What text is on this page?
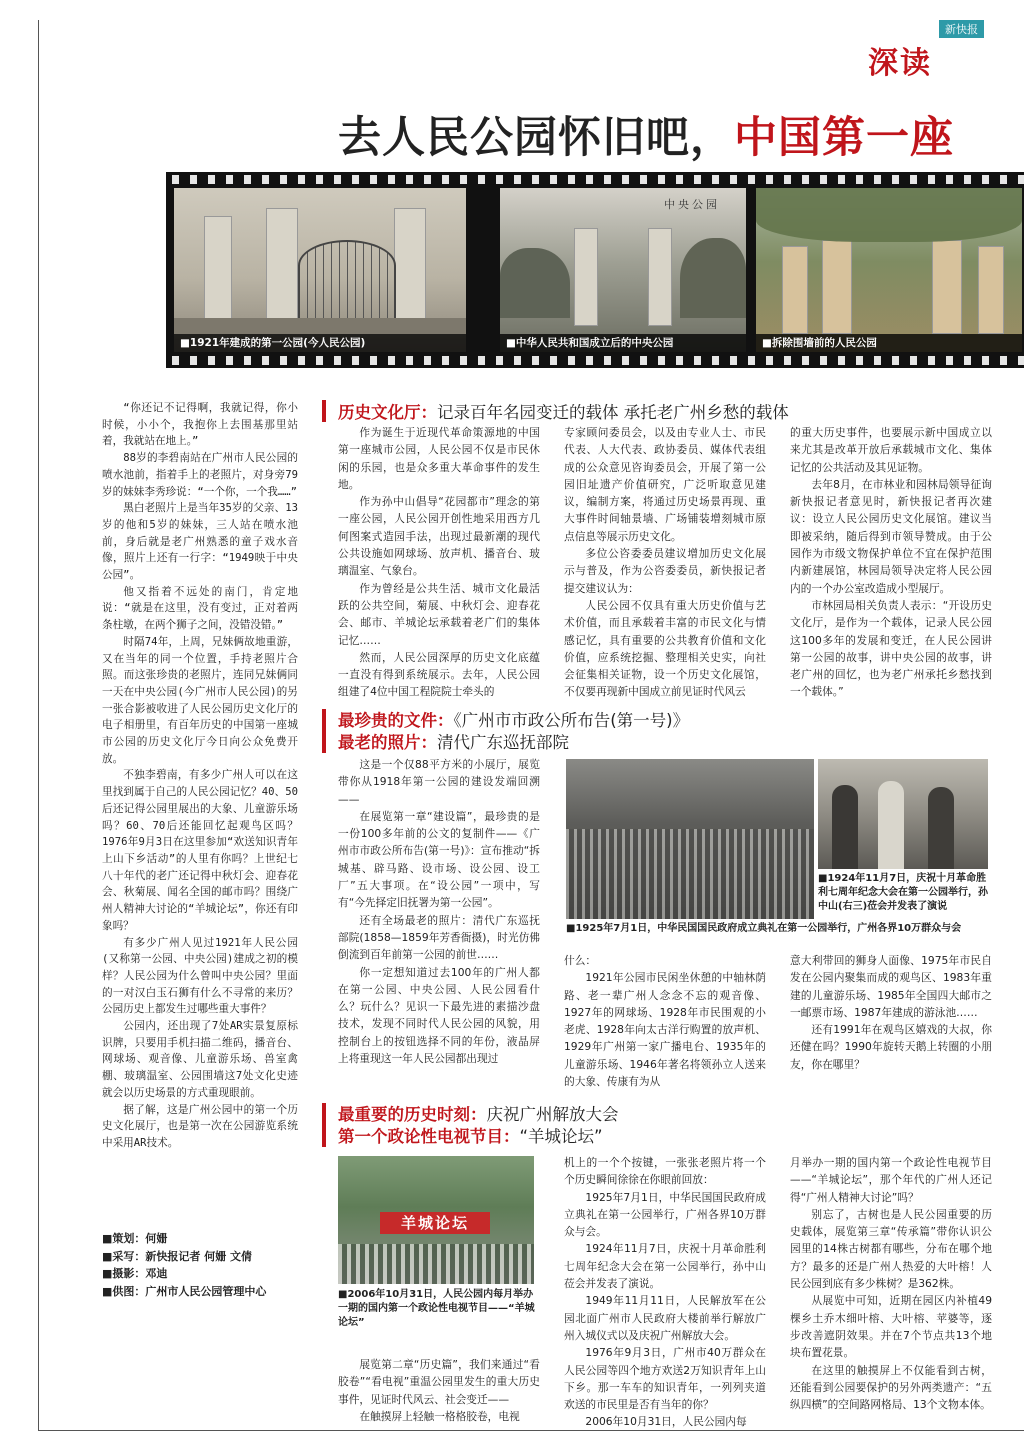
新快报
深读
去人民公园怀旧吧，中国第一座
■1921年建成的第一公园(今人民公园)
中央公园
■中华人民共和国成立后的中央公园	■拆除围墙前的人民公园

“你还记不记得啊，我就记得，你小时候，小小个，我抱你上去围基那里站着，我就站在地上。”

88岁的李碧南站在广州市人民公园的喷水池前，指着手上的老照片，对身旁79岁的妹妹李秀珍说：“一个你，一个我……”

黑白老照片上是当年35岁的父亲、13岁的他和5岁的妹妹，三人站在喷水池前，身后就是老广州熟悉的童子戏水音像，照片上还有一行字：“1949映于中央公园”。

他又指着不远处的南门，肯定地说：“就是在这里，没有变过，正对着两条柱墩，在两个狮子之间，没错没错。”

时隔74年，上周，兄妹俩故地重游，又在当年的同一个位置，手持老照片合照。而这张珍贵的老照片，连同兄妹俩同一天在中央公园(今广州市人民公园)的另一张合影被收进了人民公园历史文化厅的电子相册里，有百年历史的中国第一座城市公园的历史文化厅今日向公众免费开放。

不独李碧南，有多少广州人可以在这里找到属于自己的人民公园记忆？40、50后还记得公园里展出的大象、儿童游乐场吗？60、70后还能回忆起观鸟区吗？1976年9月3日在这里参加“欢送知识青年上山下乡活动”的人里有你吗？上世纪七八十年代的老广还记得中秋灯会、迎春花会、秋菊展、闻名全国的邮市吗？围绕广州人精神大讨论的“羊城论坛”，你还有印象吗？

有多少广州人见过1921年人民公园(又称第一公园、中央公园)建成之初的模样？人民公园为什么曾叫中央公园？里面的一对汉白玉石狮有什么不寻常的来历？公园历史上都发生过哪些重大事件？

公园内，还出现了7处AR实景复原标识牌，只要用手机扫描二维码，播音台、网球场、观音像、儿童游乐场、兽室禽棚、玻璃温室、公园围墙这7处文化史迹就会以历史场景的方式重现眼前。

据了解，这是广州公园中的第一个历史文化展厅，也是第一次在公园游览系统中采用AR技术。

■策划：何姗
■采写：新快报记者 何姗 文倩
■摄影：邓迪
■供图：广州市人民公园管理中心
历史文化厅：记录百年名园变迁的载体 承托老广州乡愁的载体

作为诞生于近现代革命策源地的中国第一座城市公园，人民公园不仅是市民休闲的乐园，也是众多重大革命事件的发生地。

作为孙中山倡导“花园都市”理念的第一座公园，人民公园开创性地采用西方几何图案式造园手法，出现过最新潮的现代公共设施如网球场、放声机、播音台、玻璃温室、气象台。

作为曾经是公共生活、城市文化最活跃的公共空间，菊展、中秋灯会、迎春花会、邮市、羊城论坛承载着老广们的集体记忆……

然而，人民公园深厚的历史文化底蕴一直没有得到系统展示。去年，人民公园组建了4位中国工程院院士牵头的

专家顾问委员会，以及由专业人士、市民代表、人大代表、政协委员、媒体代表组成的公众意见咨询委员会，开展了第一公园旧址遗产价值研究，广泛听取意见建议，编制方案，将通过历史场景再现、重大事件时间轴景墙、广场铺装增刻城市原点信息等展示历史文化。

多位公咨委委员建议增加历史文化展示与普及，作为公咨委委员，新快报记者提交建议认为：

人民公园不仅具有重大历史价值与艺术价值，而且承载着丰富的市民文化与情感记忆，具有重要的公共教育价值和文化价值，应系统挖掘、整理相关史实，向社会征集相关证物，设一个历史文化展馆，不仅要再现新中国成立前见证时代风云

的重大历史事件，也要展示新中国成立以来尤其是改革开放后承载城市文化、集体记忆的公共活动及其见证物。

去年8月，在市林业和园林局领导征询新快报记者意见时，新快报记者再次建议：设立人民公园历史文化展馆。建议当即被采纳，随后得到市领导赞成。由于公园作为市级文物保护单位不宜在保护范围内新建展馆，林园局领导决定将人民公园内的一个办公室改造成小型展厅。

市林园局相关负责人表示：“开设历史文化厅，是作为一个载体，记录人民公园这100多年的发展和变迁，在人民公园讲第一公园的故事，讲中央公园的故事，讲老广州的回忆，也为老广州承托乡愁找到一个载体。”

最珍贵的文件：《广州市市政公所布告(第一号)》
最老的照片：清代广东巡抚部院

这是一个仅88平方米的小展厅，展览带你从1918年第一公园的建设发端回溯——

在展览第一章“建设篇”，最珍贵的是一份100多年前的公文的复制件——《广州市市政公所布告(第一号)》：宣布推动“拆城基、辟马路、设市场、设公园、设工厂”五大事项。在“设公园”一项中，写有“今先择定旧抚署为第一公园”。

还有全场最老的照片：清代广东巡抚部院(1858—1859年芳香衙摄)，时光仿佛倒流到百年前第一公园的前世……

你一定想知道过去100年的广州人都在第一公园、中央公园、人民公园看什么？玩什么？见识一下最先进的素描沙盘技术，发现不同时代人民公园的风貌，用控制台上的按钮选择不同的年份，液晶屏上将重现这一年人民公园都出现过

■1925年7月1日，中华民国国民政府成立典礼在第一公园举行，广州各界10万群众与会
■1924年11月7日，庆祝十月革命胜利七周年纪念大会在第一公园举行，孙中山(右三)莅会并发表了演说

什么：

1921年公园市民闲坐休憩的中轴林荫路、老一辈广州人念念不忘的观音像、1927年的网球场、1928年市民围观的小老虎、1928年向太古洋行购置的放声机、1929年广州第一家广播电台、1935年的儿童游乐场、1946年著名将领孙立人送来的大象、传康有为从

意大利带回的狮身人面像、1975年市民自发在公园内聚集而成的观鸟区、1983年重建的儿童游乐场、1985年全国四大邮市之一邮票市场、1987年建成的游泳池……

还有1991年在观鸟区嬉戏的大叔，你还健在吗？1990年旋转天鹅上转圈的小朋友，你在哪里？

最重要的历史时刻：庆祝广州解放大会
第一个政论性电视节目：“羊城论坛”
羊城论坛
■2006年10月31日，人民公园内每月举办一期的国内第一个政论性电视节目——“羊城论坛”

展览第二章“历史篇”，我们来通过“看胶卷”“看电视”重温公园里发生的重大历史事件，见证时代风云、社会变迁——

在触摸屏上轻触一格格胶卷，电视

机上的一个个按键，一张张老照片将一个个历史瞬间徐徐在你眼前回放：

1925年7月1日，中华民国国民政府成立典礼在第一公园举行，广州各界10万群众与会。

1924年11月7日，庆祝十月革命胜利七周年纪念大会在第一公园举行，孙中山莅会并发表了演说。

1949年11月11日，人民解放军在公园北面广州市人民政府大楼前举行解放广州入城仪式以及庆祝广州解放大会。

1976年9月3日，广州市40万群众在人民公园等四个地方欢送2万知识青年上山下乡。那一车车的知识青年，一列列夹道欢送的市民里是否有当年的你？

2006年10月31日，人民公园内每

月举办一期的国内第一个政论性电视节目——“羊城论坛”，那个年代的广州人还记得“广州人精神大讨论”吗？

别忘了，古树也是人民公园重要的历史载体，展览第三章“传承篇”带你认识公园里的14株古树都有哪些，分布在哪个地方？最多的还是广州人热爱的大叶榕！人民公园到底有多少株树？是362株。

从展览中可知，近期在园区内补植49棵乡土乔木细叶榕、大叶榕、苹婆等，逐步改善遮阴效果。并在7个节点共13个地块布置花景。

在这里的触摸屏上不仅能看到古树，还能看到公园要保护的另外两类遗产：“五纵四横”的空间路网格局、13个文物本体。
